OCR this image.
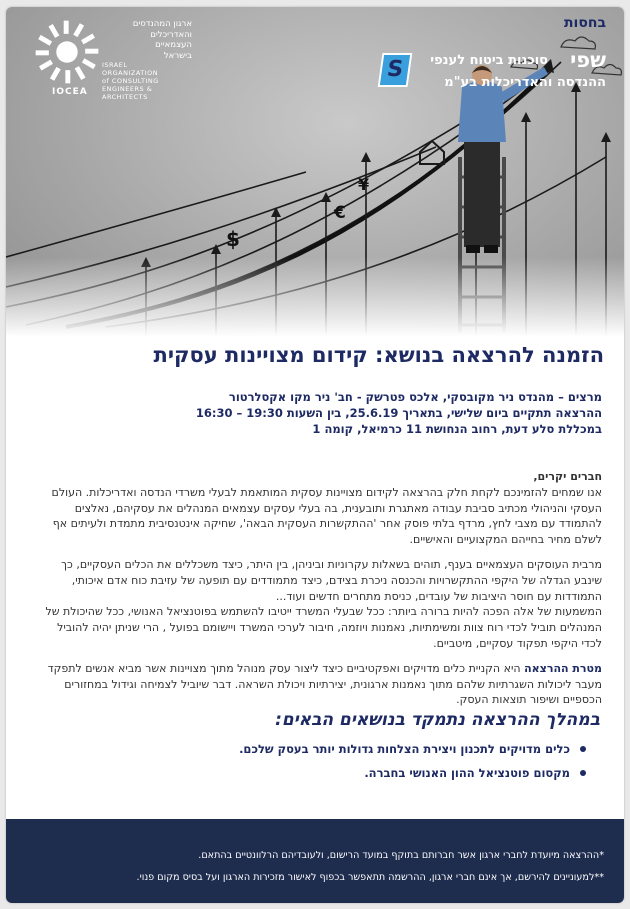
$
€
¥
ארגון המהנדסים
והאדריכלים
העצמאיים
בישראל
ISRAEL
ORGANIZATION
of CONSULTING
ENGINEERS & ARCHITECTS
IOCEA
בחסות
שפי
סוכנות ביטוח לענפי
ההנדסה והאדריכלות בע"מ
S
הזמנה להרצאה בנושא: קידום מצויינות עסקית
מרצים – מהנדס ניר מקובסקי, אלכס פטרשק - חב' ניר מקו אקסלרטור
ההרצאה תתקיים ביום שלישי, בתאריך 25.6.19, בין השעות 19:30 – 16:30
במכללת סלע דעת, רחוב הנחושת 11 כרמיאל, קומה 1
חברים יקרים,

אנו שמחים להזמינכם לקחת חלק בהרצאה לקידום מצויינות עסקית המותאמת לבעלי משרדי הנדסה ואדריכלות. העולם העסקי והניהולי מכתיב סביבת עבודה מאתגרת ותובענית, בה בעלי עסקים עצמאים המנהלים את עסקיהם, נאלצים להתמודד עם מצבי לחץ, מרדף בלתי פוסק אחר 'ההתקשרות העסקית הבאה', שחיקה אינטנסיבית מתמדת ולעיתים אף לשלם מחיר בחייהם המקצועיים והאישיים.

מרבית העוסקים העצמאיים בענף, תוהים בשאלות עקרוניות וביניהן, בין היתר, כיצד משכללים את הכלים העסקיים, כך שינבע הגדלה של היקפי ההתקשרויות והכנסה ניכרת בצידם, כיצד מתמודדים עם תופעה של עזיבת כוח אדם איכותי, התמודדות עם חוסר היציבות של עובדים, כניסת מתחרים חדשים ועוד...

המשמעות של אלה הפכה להיות ברורה ביותר: ככל שבעלי המשרד ייטיבו להשתמש בפוטנציאל האנושי, ככל שהיכולת של המנהלים תוביל לכדי רוח צוות ומשימתיות, נאמנות ויוזמה, חיבור לערכי המשרד ויישומם בפועל , הרי שניתן יהיה להוביל לכדי היקפי תפקוד עסקיים, מיטביים.

מטרת ההרצאה היא הקניית כלים מדויקים ואפקטיביים כיצד ליצור עסק מנוהל מתוך מצויינות אשר מביא אנשים לתפקד מעבר ליכולות השגרתיות שלהם מתוך נאמנות ארגונית, יצירתיות ויכולת השראה. דבר שיוביל לצמיחה וגידול במחזורים הכספיים ושיפור תוצאות העסק.

במהלך ההרצאה נתמקד בנושאים הבאים:
כלים מדויקים לתכנון ויצירת הצלחות גדולות יותר בעסק שלכם.
מקסום פוטנציאל ההון האנושי בחברה.
*ההרצאה מיועדת לחברי ארגון אשר חברותם בתוקף במועד הרישום, ולעובדיהם הרלוונטיים בהתאם.
**למעוניינים להירשם, אך אינם חברי ארגון, ההרשמה תתאפשר בכפוף לאישור מזכירות הארגון ועל בסיס מקום פנוי.
